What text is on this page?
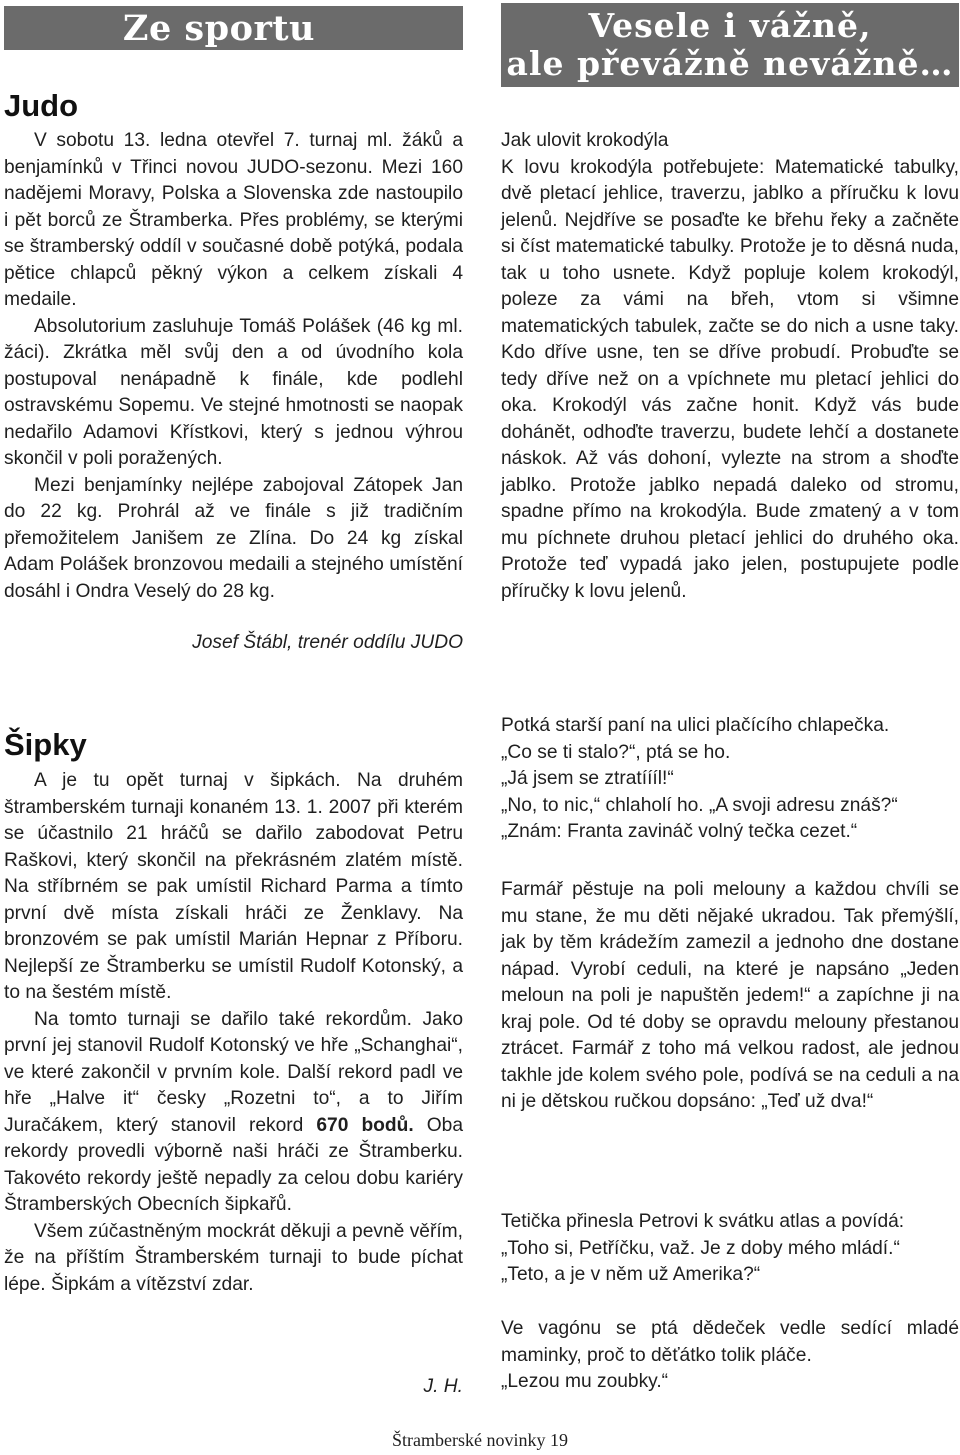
Ze sportu	Vesele i vážně,
ale převážně nevážně…
Judo

V sobotu 13. ledna otevřel 7. turnaj ml. žáků a benjamínků v Třinci novou JUDO-sezonu. Mezi 160 nadějemi Moravy, Polska a Slovenska zde nastoupilo i pět borců ze Štramberka. Přes problémy, se kterými se štramberský oddíl v současné době potýká, podala pětice chlapců pěkný výkon a celkem získali 4 medaile.

Absolutorium zasluhuje Tomáš Polášek (46 kg ml. žáci). Zkrátka měl svůj den a od úvodního kola postupoval nenápadně k finále, kde podlehl ostravskému Sopemu. Ve stejné hmotnosti se naopak nedařilo Adamovi Křístkovi, který s jednou výhrou skončil v poli poražených.

Mezi benjamínky nejlépe zabojoval Zátopek Jan do 22 kg. Prohrál až ve finále s již tradičním přemožitelem Janišem ze Zlína. Do 24 kg získal Adam Polášek bronzovou medaili a stejného umístění dosáhl i Ondra Veselý do 28 kg.

Josef Štábl, trenér oddílu JUDO
Šipky

A je tu opět turnaj v šipkách. Na druhém štramberském turnaji konaném 13. 1. 2007 při kterém se účastnilo 21 hráčů se dařilo zabodovat Petru Raškovi, který skončil na překrásném zlatém místě. Na stříbrném se pak umístil Richard Parma a tímto první dvě místa získali hráči ze Ženklavy. Na bronzovém se pak umístil Marián Hepnar z Příboru. Nejlepší ze Štramberku se umístil Rudolf Kotonský, a to na šestém místě.

Na tomto turnaji se dařilo také rekordům. Jako první jej stanovil Rudolf Kotonský ve hře „Schanghai“, ve které zakončil v prvním kole. Další rekord padl ve hře „Halve it“ česky „Rozetni to“, a to Jiřím Juračákem, který stanovil rekord 670 bodů. Oba rekordy provedli výborně naši hráči ze Štramberku. Takovéto rekordy ještě nepadly za celou dobu kariéry Štramberských Obecních šipkařů.

Všem zúčastněným mockrát děkuji a pevně věřím, že na příštím Štramberském turnaji to bude píchat lépe. Šipkám a vítězství zdar.

J. H.

Jak ulovit krokodýla

K lovu krokodýla potřebujete: Matematické tabulky, dvě pletací jehlice, traverzu, jablko a příručku k lovu jelenů. Nejdříve se posaďte ke břehu řeky a začněte si číst matematické tabulky. Protože je to děsná nuda, tak u toho usnete. Když popluje kolem krokodýl, poleze za vámi na břeh, vtom si všimne matematických tabulek, začte se do nich a usne taky. Kdo dříve usne, ten se dříve probudí. Probuďte se tedy dříve než on a vpíchnete mu pletací jehlici do oka. Krokodýl vás začne honit. Když vás bude dohánět, odhoďte traverzu, budete lehčí a dostanete náskok. Až vás dohoní, vylezte na strom a shoďte jablko. Protože jablko nepadá daleko od stromu, spadne přímo na krokodýla. Bude zmatený a v tom mu píchnete druhou pletací jehlici do druhého oka. Protože teď vypadá jako jelen, postupujete podle příručky k lovu jelenů.

Potká starší paní na ulici plačícího chlapečka.

„Co se ti stalo?“, ptá se ho.

„Já jsem se ztratíííl!“

„No, to nic,“ chlaholí ho. „A svoji adresu znáš?“

„Znám: Franta zavináč volný tečka cezet.“

Farmář pěstuje na poli melouny a každou chvíli se mu stane, že mu děti nějaké ukradou. Tak přemýšlí, jak by těm krádežím zamezil a jednoho dne dostane nápad. Vyrobí ceduli, na které je napsáno „Jeden meloun na poli je napuštěn jedem!“ a zapíchne ji na kraj pole. Od té doby se opravdu melouny přestanou ztrácet. Farmář z toho má velkou radost, ale jednou takhle jde kolem svého pole, podívá se na ceduli a na ni je dětskou ručkou dopsáno: „Teď už dva!“

Tetička přinesla Petrovi k svátku atlas a povídá:

„Toho si, Petříčku, važ. Je z doby mého mládí.“

„Teto, a je v něm už Amerika?“

Ve vagónu se ptá dědeček vedle sedící mladé maminky, proč to děťátko tolik pláče.

„Lezou mu zoubky.“

Štramberské novinky 19
